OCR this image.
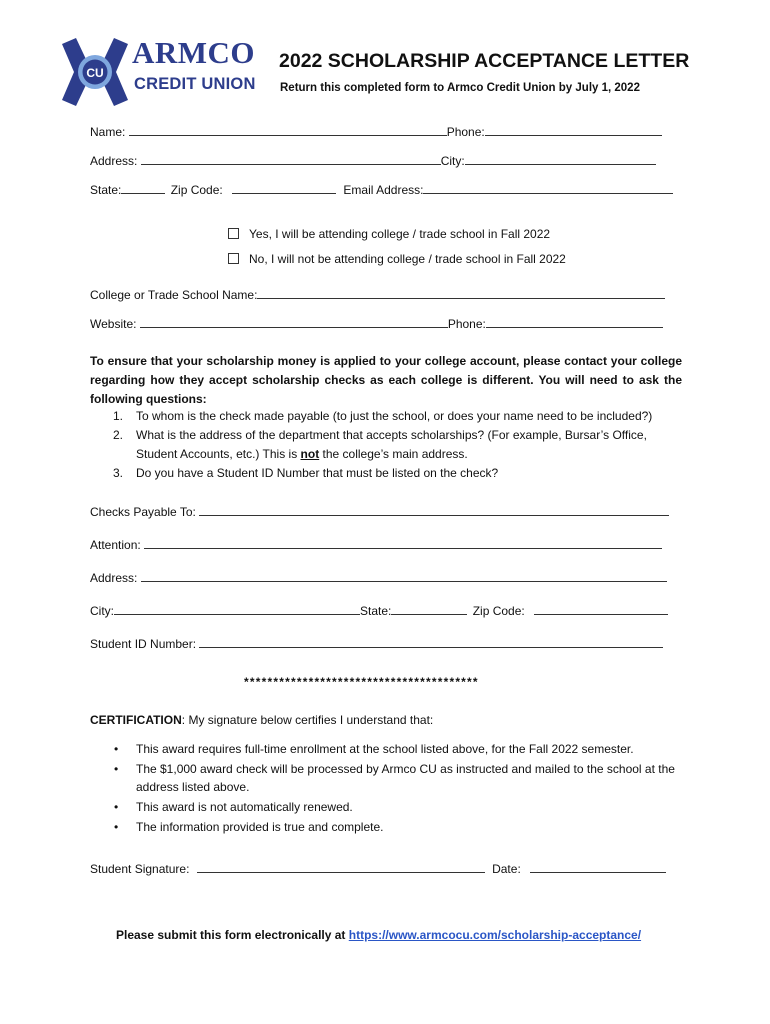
CU
ARMCO
CREDIT UNION
2022 SCHOLARSHIP ACCEPTANCE LETTER
Return this completed form to Armco Credit Union by July 1, 2022
Name:	Phone:
Address:	City:
State:	Zip Code:	Email Address:
Yes, I will be attending college / trade school in Fall 2022
No, I will not be attending college / trade school in Fall 2022
College or Trade School Name:
Website:	Phone:
To ensure that your scholarship money is applied to your college account, please contact your college regarding how they accept scholarship checks as each college is different. You will need to ask the following questions:
1. To whom is the check made payable (to just the school, or does your name need to be included?)
2. What is the address of the department that accepts scholarships? (For example, Bursar’s Office, Student Accounts, etc.) This is not the college’s main address.
3. Do you have a Student ID Number that must be listed on the check?
Checks Payable To:
Attention:
Address:
City:	State:	Zip Code:
Student ID Number:
****************************************
CERTIFICATION: My signature below certifies I understand that:
• This award requires full-time enrollment at the school listed above, for the Fall 2022 semester.
• The $1,000 award check will be processed by Armco CU as instructed and mailed to the school at the address listed above.
• This award is not automatically renewed.
• The information provided is true and complete.
Student Signature:	Date:
Please submit this form electronically at https://www.armcocu.com/scholarship-acceptance/
